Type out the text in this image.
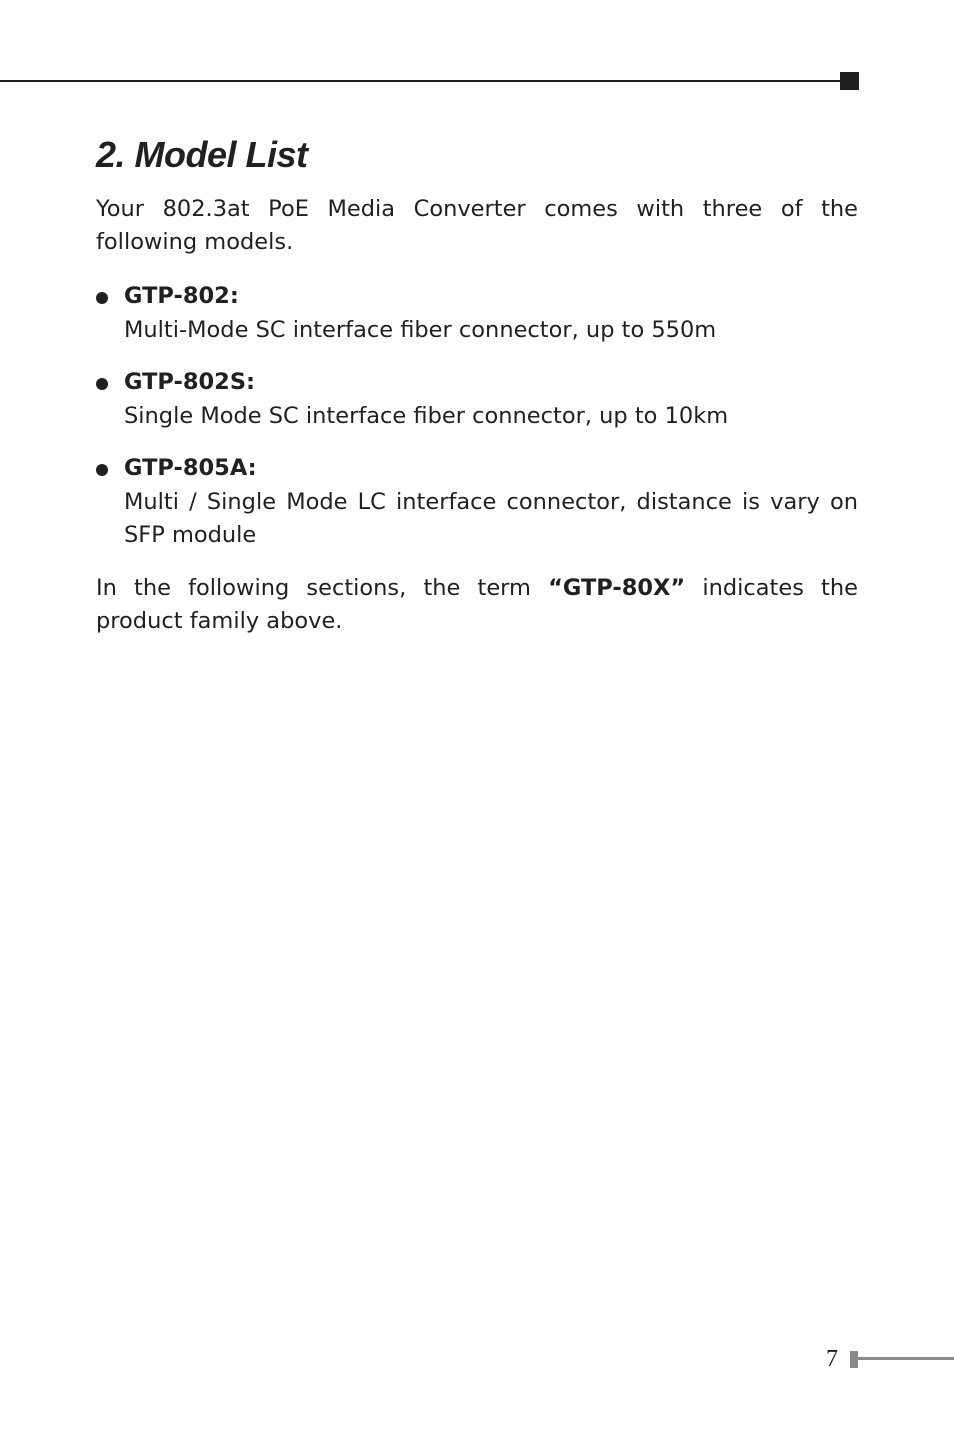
2. Model List

Your 802.3at PoE Media Converter comes with three of the following models.

GTP-802:
Multi-Mode SC interface fiber connector, up to 550m
GTP-802S:
Single Mode SC interface fiber connector, up to 10km
GTP-805A:
Multi / Single Mode LC interface connector, distance is vary on SFP module

In the following sections, the term “GTP-80X” indicates the product family above.

7
